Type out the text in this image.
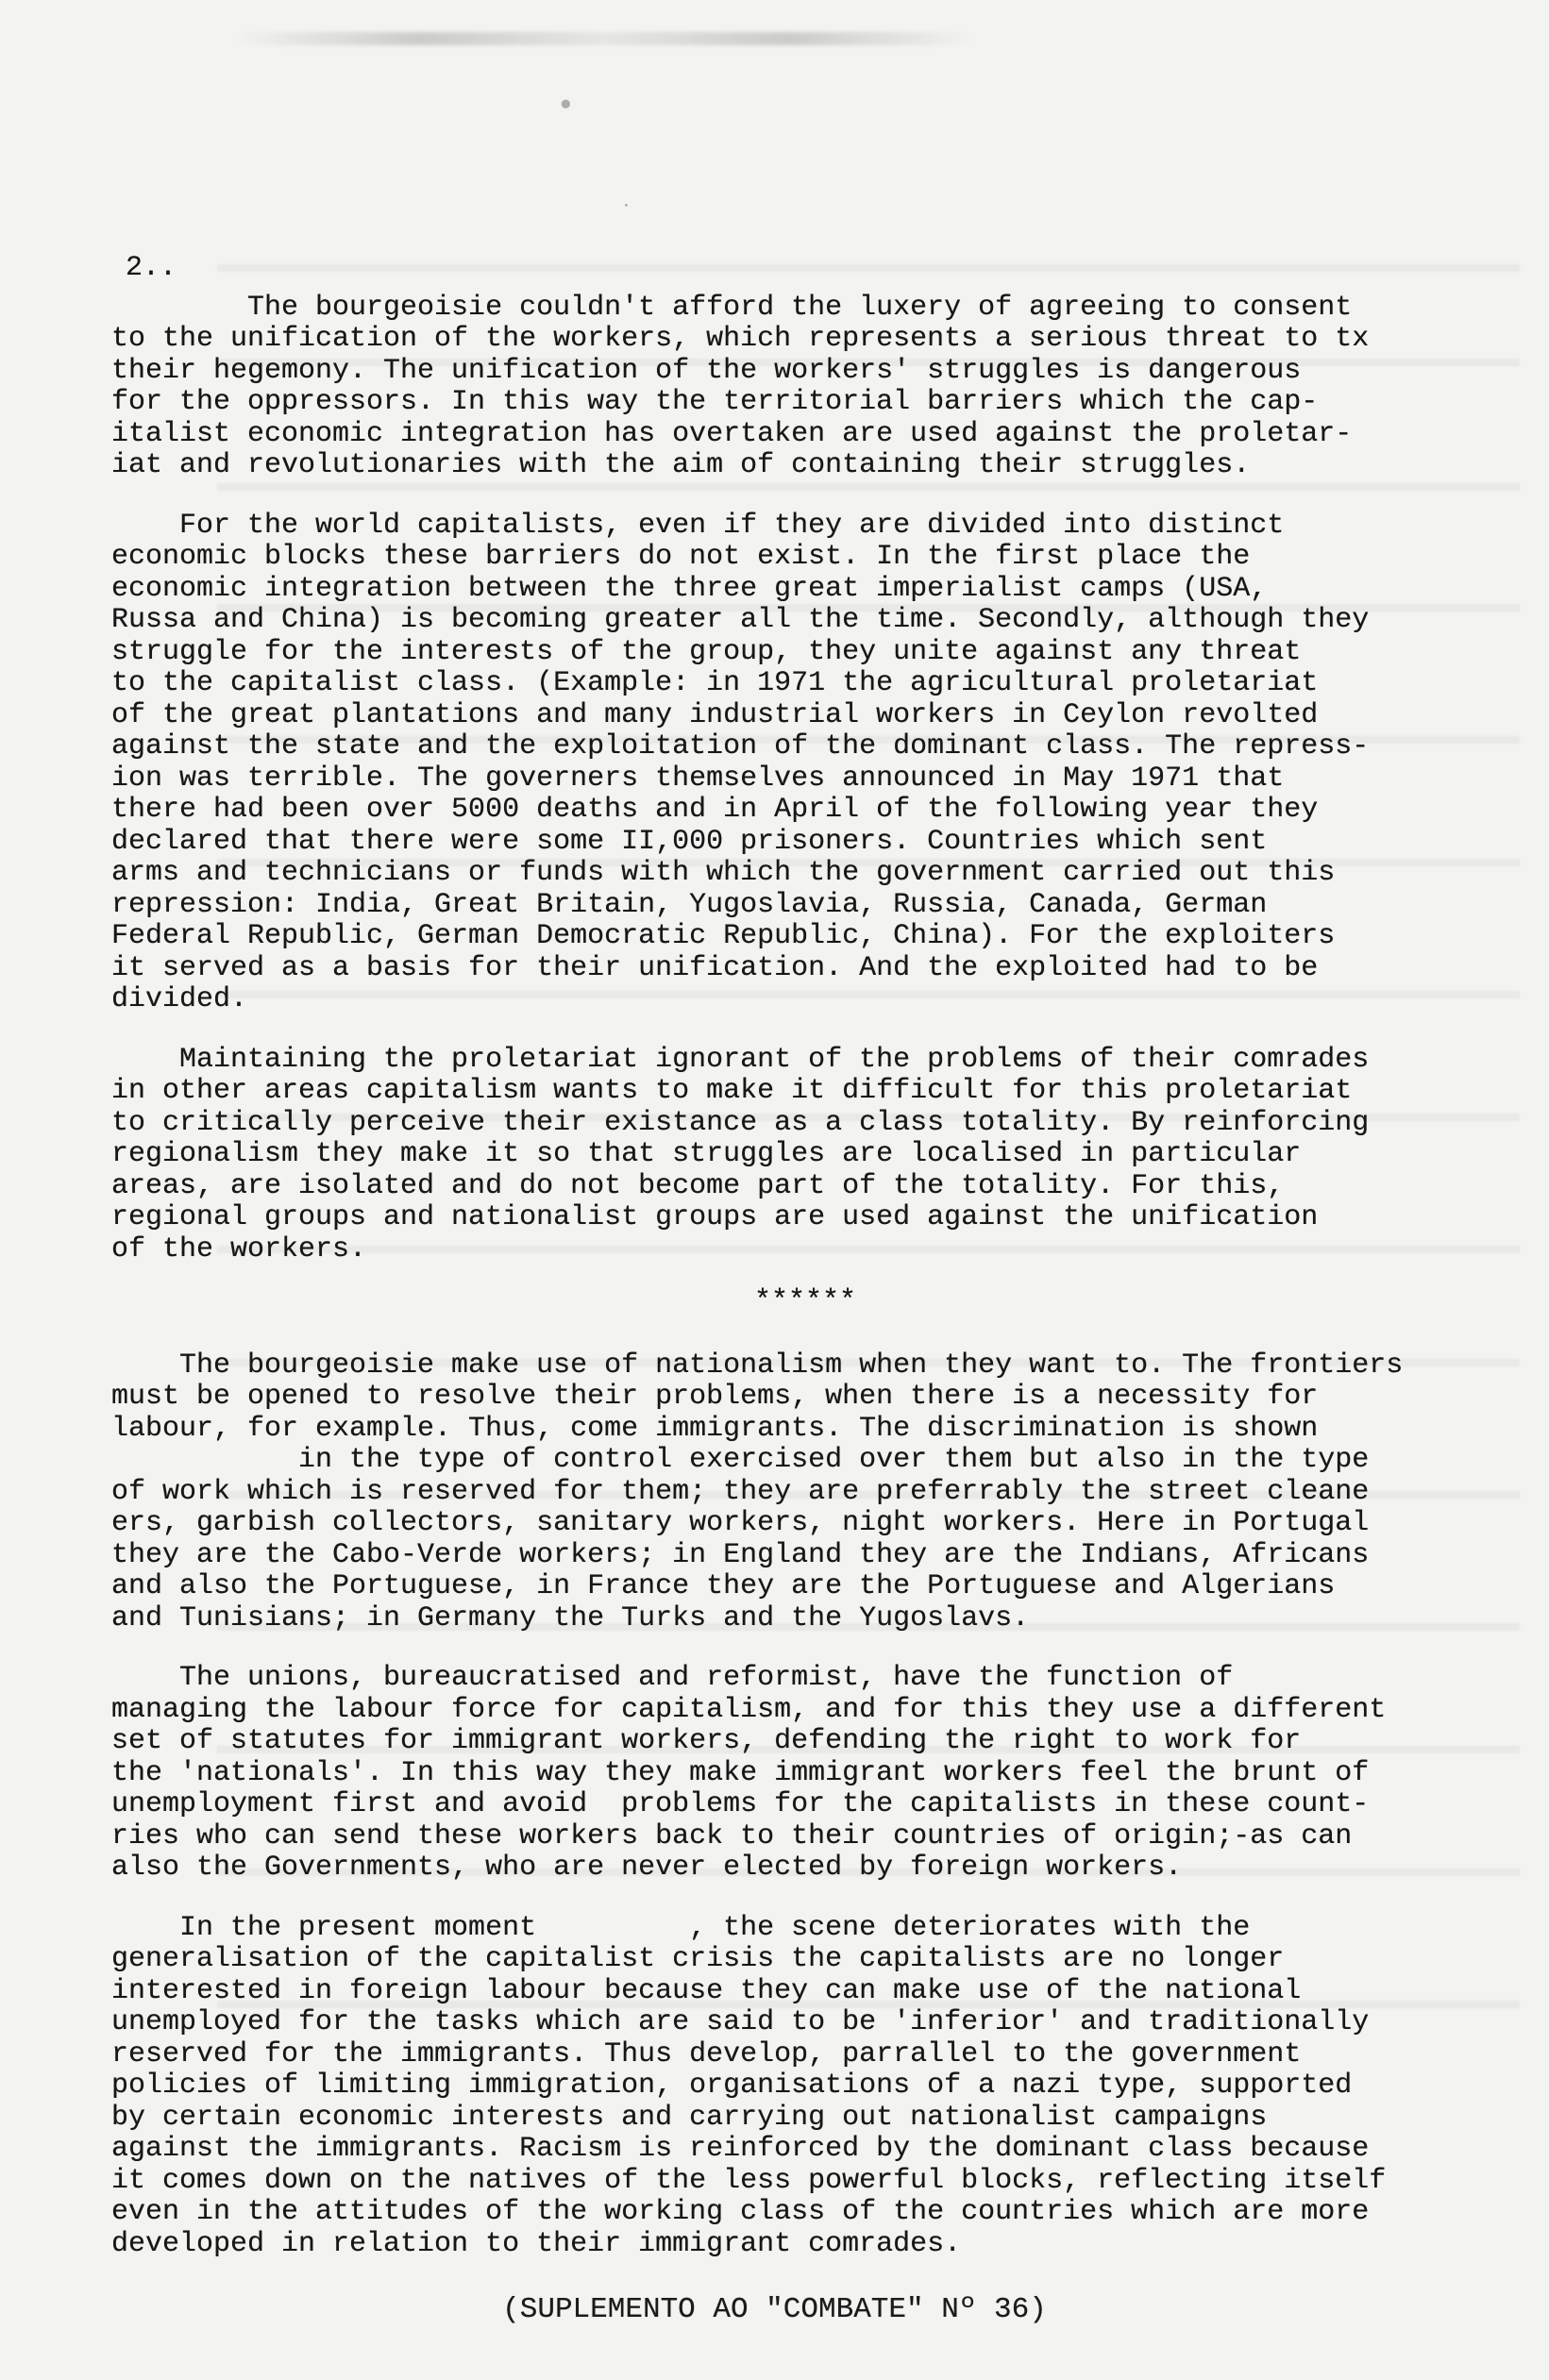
•
·
2..
The bourgeoisie couldn't afford the luxery of agreeing to consent
to the unification of the workers, which represents a serious threat to tx
their hegemony. The unification of the workers' struggles is dangerous
for the oppressors. In this way the territorial barriers which the cap-
italist economic integration has overtaken are used against the proletar-
iat and revolutionaries with the aim of containing their struggles.
For the world capitalists, even if they are divided into distinct
economic blocks these barriers do not exist. In the first place the
economic integration between the three great imperialist camps (USA,
Russa and China) is becoming greater all the time. Secondly, although they
struggle for the interests of the group, they unite against any threat
to the capitalist class. (Example: in 1971 the agricultural proletariat
of the great plantations and many industrial workers in Ceylon revolted
against the state and the exploitation of the dominant class. The repress-
ion was terrible. The governers themselves announced in May 1971 that
there had been over 5000 deaths and in April of the following year they
declared that there were some II,000 prisoners. Countries which sent
arms and technicians or funds with which the government carried out this
repression: India, Great Britain, Yugoslavia, Russia, Canada, German
Federal Republic, German Democratic Republic, China). For the exploiters
it served as a basis for their unification. And the exploited had to be
divided.
Maintaining the proletariat ignorant of the problems of their comrades
in other areas capitalism wants to make it difficult for this proletariat
to critically perceive their existance as a class totality. By reinforcing
regionalism they make it so that struggles are localised in particular
areas, are isolated and do not become part of the totality. For this,
regional groups and nationalist groups are used against the unification
of the workers.
******
The bourgeoisie make use of nationalism when they want to. The frontiers
must be opened to resolve their problems, when there is a necessity for
labour, for example. Thus, come immigrants. The discrimination is shown
in the type of control exercised over them but also in the type
of work which is reserved for them; they are preferrably the street cleane
ers, garbish collectors, sanitary workers, night workers. Here in Portugal
they are the Cabo-Verde workers; in England they are the Indians, Africans
and also the Portuguese, in France they are the Portuguese and Algerians
and Tunisians; in Germany the Turks and the Yugoslavs.
The unions, bureaucratised and reformist, have the function of
managing the labour force for capitalism, and for this they use a different
set of statutes for immigrant workers, defending the right to work for
the 'nationals'. In this way they make immigrant workers feel the brunt of
unemployment first and avoid  problems for the capitalists in these count-
ries who can send these workers back to their countries of origin;-as can
also the Governments, who are never elected by foreign workers.
In the present moment         , the scene deteriorates with the
generalisation of the capitalist crisis the capitalists are no longer
interested in foreign labour because they can make use of the national
unemployed for the tasks which are said to be 'inferior' and traditionally
reserved for the immigrants. Thus develop, parrallel to the government
policies of limiting immigration, organisations of a nazi type, supported
by certain economic interests and carrying out nationalist campaigns
against the immigrants. Racism is reinforced by the dominant class because
it comes down on the natives of the less powerful blocks, reflecting itself
even in the attitudes of the working class of the countries which are more
developed in relation to their immigrant comrades.
(SUPLEMENTO AO "COMBATE" Nº 36)
